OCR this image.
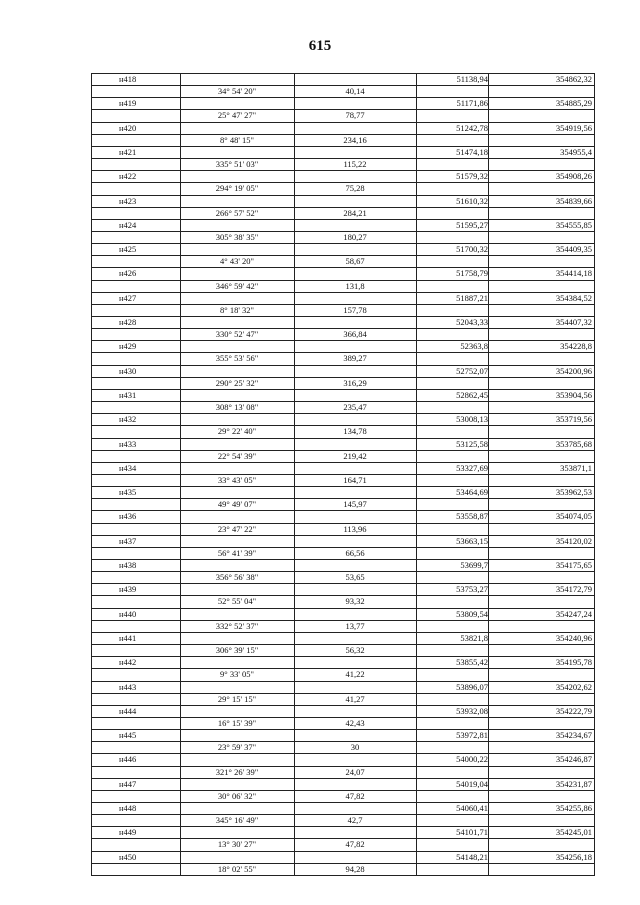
615
н418	51138,94	354862,32
34° 54' 20"	40,14
н419	51171,86	354885,29
25° 47' 27"	78,77
н420	51242,78	354919,56
8° 48' 15"	234,16
н421	51474,18	354955,4
335° 51' 03"	115,22
н422	51579,32	354908,26
294° 19' 05"	75,28
н423	51610,32	354839,66
266° 57' 52"	284,21
н424	51595,27	354555,85
305° 38' 35"	180,27
н425	51700,32	354409,35
4° 43' 20"	58,67
н426	51758,79	354414,18
346° 59' 42"	131,8
н427	51887,21	354384,52
8° 18' 32"	157,78
н428	52043,33	354407,32
330° 52' 47"	366,84
н429	52363,8	354228,8
355° 53' 56"	389,27
н430	52752,07	354200,96
290° 25' 32"	316,29
н431	52862,45	353904,56
308° 13' 08"	235,47
н432	53008,13	353719,56
29° 22' 40"	134,78
н433	53125,58	353785,68
22° 54' 39"	219,42
н434	53327,69	353871,1
33° 43' 05"	164,71
н435	53464,69	353962,53
49° 49' 07"	145,97
н436	53558,87	354074,05
23° 47' 22"	113,96
н437	53663,15	354120,02
56° 41' 39"	66,56
н438	53699,7	354175,65
356° 56' 38"	53,65
н439	53753,27	354172,79
52° 55' 04"	93,32
н440	53809,54	354247,24
332° 52' 37"	13,77
н441	53821,8	354240,96
306° 39' 15"	56,32
н442	53855,42	354195,78
9° 33' 05"	41,22
н443	53896,07	354202,62
29° 15' 15"	41,27
н444	53932,08	354222,79
16° 15' 39"	42,43
н445	53972,81	354234,67
23° 59' 37"	30
н446	54000,22	354246,87
321° 26' 39"	24,07
н447	54019,04	354231,87
30° 06' 32"	47,82
н448	54060,41	354255,86
345° 16' 49"	42,7
н449	54101,71	354245,01
13° 30' 27"	47,82
н450	54148,21	354256,18
18° 02' 55"	94,28
